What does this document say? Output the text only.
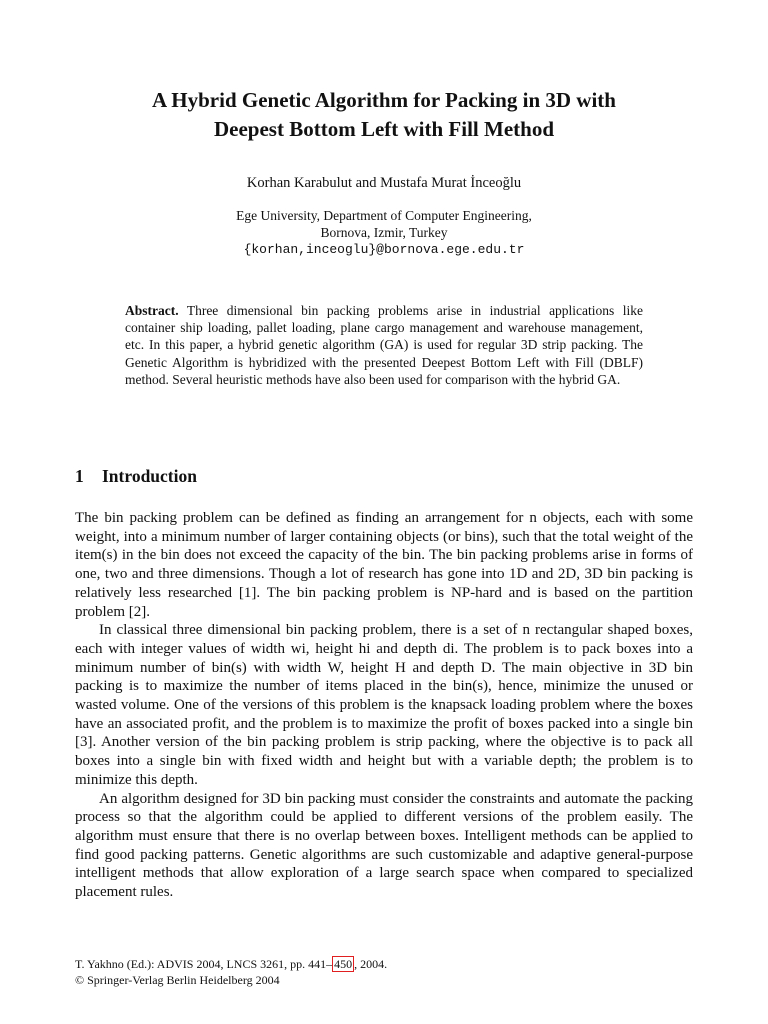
A Hybrid Genetic Algorithm for Packing in 3D with
Deepest Bottom Left with Fill Method
Korhan Karabulut and Mustafa Murat İnceoğlu
Ege University, Department of Computer Engineering,
Bornova, Izmir, Turkey
{korhan,inceoglu}@bornova.ege.edu.tr
Abstract. Three dimensional bin packing problems arise in industrial applications like container ship loading, pallet loading, plane cargo management and warehouse management, etc. In this paper, a hybrid genetic algorithm (GA) is used for regular 3D strip packing. The Genetic Algorithm is hybridized with the presented Deepest Bottom Left with Fill (DBLF) method. Several heuristic methods have also been used for comparison with the hybrid GA.
1 Introduction

The bin packing problem can be defined as finding an arrangement for n objects, each with some weight, into a minimum number of larger containing objects (or bins), such that the total weight of the item(s) in the bin does not exceed the capacity of the bin. The bin packing problems arise in forms of one, two and three dimensions. Though a lot of research has gone into 1D and 2D, 3D bin packing is relatively less researched [1]. The bin packing problem is NP-hard and is based on the partition problem [2].

In classical three dimensional bin packing problem, there is a set of n rectangular shaped boxes, each with integer values of width wi, height hi and depth di. The problem is to pack boxes into a minimum number of bin(s) with width W, height H and depth D. The main objective in 3D bin packing is to maximize the number of items placed in the bin(s), hence, minimize the unused or wasted volume. One of the versions of this problem is the knapsack loading problem where the boxes have an associated profit, and the problem is to maximize the profit of boxes packed into a single bin [3]. Another version of the bin packing problem is strip packing, where the objective is to pack all boxes into a single bin with fixed width and height but with a variable depth; the problem is to minimize this depth.

An algorithm designed for 3D bin packing must consider the constraints and automate the packing process so that the algorithm could be applied to different versions of the problem easily. The algorithm must ensure that there is no overlap between boxes. Intelligent methods can be applied to find good packing patterns. Genetic algorithms are such customizable and adaptive general-purpose intelligent methods that allow exploration of a large search space when compared to specialized placement rules.

T. Yakhno (Ed.): ADVIS 2004, LNCS 3261, pp. 441– 450 , 2004.
© Springer-Verlag Berlin Heidelberg 2004
